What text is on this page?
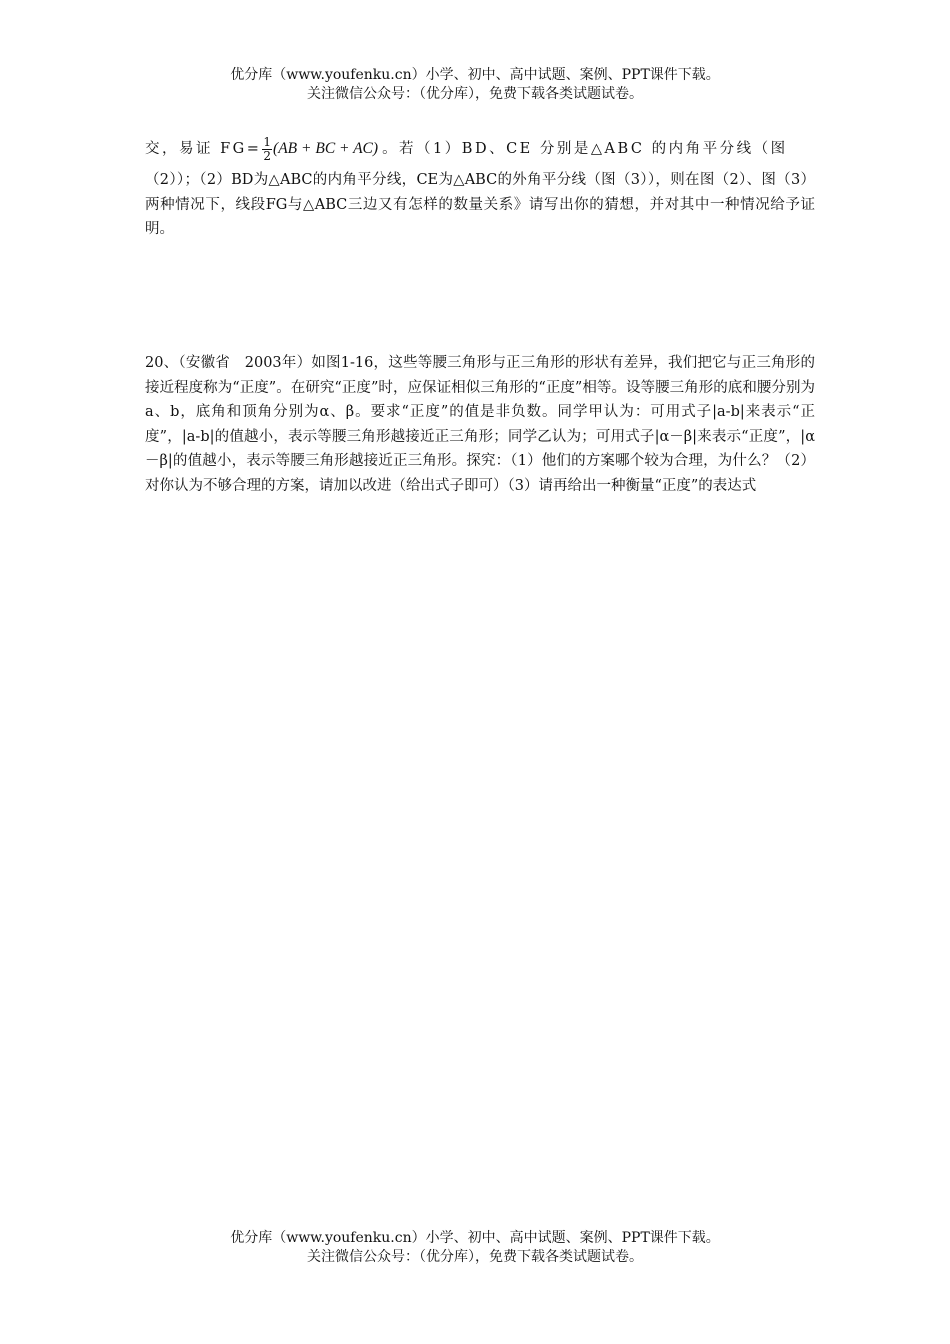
优分库（www.youfenku.cn）小学、初中、高中试题、案例、PPT课件下载。
关注微信公众号：（优分库），免费下载各类试题试卷。
交，易证 $FG= \frac{1}{2} (AB$ + BC + AC) 。若（1）BD、CE 分别是△ABC 的内角平分线（图
（2））；（2）BD为△ABC的内角平分线，CE为△ABC的外角平分线（图（3）），则在图（2）、图（3）两种情况下，线段FG与△ABC三边又有怎样的数量关系》请写出你的猜想，并对其中一种情况给予证明。
20、（安徽省　2003年）如图1-16，这些等腰三角形与正三角形的形状有差异，我们把它与正三角形的接近程度称为“正度”。在研究“正度”时，应保证相似三角形的“正度”相等。设等腰三角形的底和腰分别为a、b，底角和顶角分别为α、β。要求“正度”的值是非负数。同学甲认为：可用式子|a-b|来表示“正度”，|a-b|的值越小，表示等腰三角形越接近正三角形；同学乙认为；可用式子|α－β|来表示“正度”，|α－β|的值越小，表示等腰三角形越接近正三角形。探究：（1）他们的方案哪个较为合理，为什么？（2）对你认为不够合理的方案，请加以改进（给出式子即可）（3）请再给出一种衡量“正度”的表达式
优分库（www.youfenku.cn）小学、初中、高中试题、案例、PPT课件下载。
关注微信公众号：（优分库），免费下载各类试题试卷。
